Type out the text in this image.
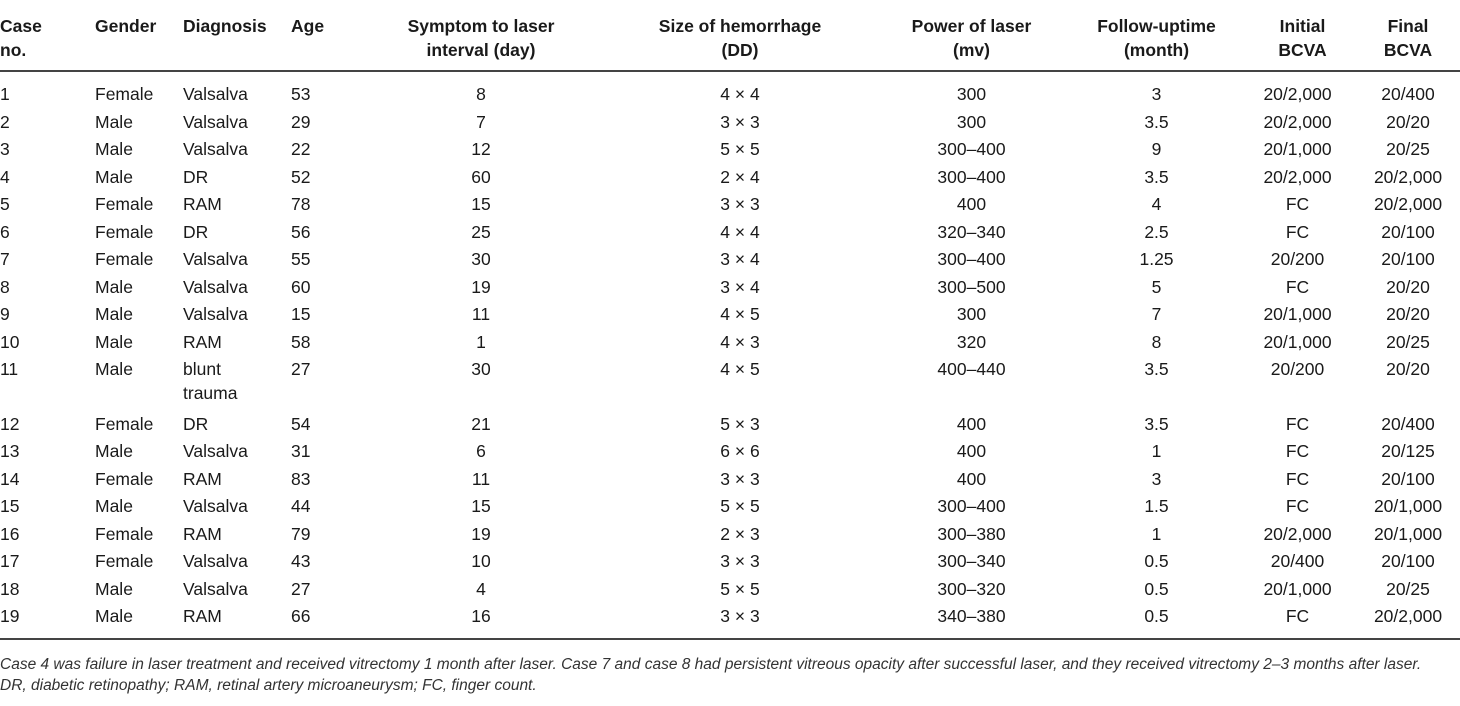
Case no.	Gender	Diagnosis	Age	Symptom to laser interval (day)	Size of hemorrhage (DD)	Power of laser (mv)	Follow-uptime (month)	Initial BCVA	Final BCVA
1	Female	Valsalva	53	8	4 × 4	300	3	20/2,000	20/400
2	Male	Valsalva	29	7	3 × 3	300	3.5	20/2,000	20/20
3	Male	Valsalva	22	12	5 × 5	300–400	9	20/1,000	20/25
4	Male	DR	52	60	2 × 4	300–400	3.5	20/2,000	20/2,000
5	Female	RAM	78	15	3 × 3	400	4	FC	20/2,000
6	Female	DR	56	25	4 × 4	320–340	2.5	FC	20/100
7	Female	Valsalva	55	30	3 × 4	300–400	1.25	20/200	20/100
8	Male	Valsalva	60	19	3 × 4	300–500	5	FC	20/20
9	Male	Valsalva	15	11	4 × 5	300	7	20/1,000	20/20
10	Male	RAM	58	1	4 × 3	320	8	20/1,000	20/25
11	Male	blunt trauma	27	30	4 × 5	400–440	3.5	20/200	20/20
12	Female	DR	54	21	5 × 3	400	3.5	FC	20/400
13	Male	Valsalva	31	6	6 × 6	400	1	FC	20/125
14	Female	RAM	83	11	3 × 3	400	3	FC	20/100
15	Male	Valsalva	44	15	5 × 5	300–400	1.5	FC	20/1,000
16	Female	RAM	79	19	2 × 3	300–380	1	20/2,000	20/1,000
17	Female	Valsalva	43	10	3 × 3	300–340	0.5	20/400	20/100
18	Male	Valsalva	27	4	5 × 5	300–320	0.5	20/1,000	20/25
19	Male	RAM	66	16	3 × 3	340–380	0.5	FC	20/2,000
Case 4 was failure in laser treatment and received vitrectomy 1 month after laser. Case 7 and case 8 had persistent vitreous opacity after successful laser, and they received vitrectomy 2–3 months after laser. DR, diabetic retinopathy; RAM, retinal artery microaneurysm; FC, finger count.
